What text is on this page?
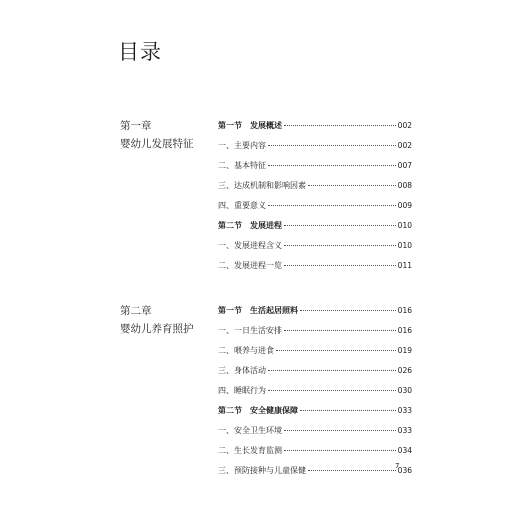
目录
第一章
婴幼儿发展特征
第一节　发展概述	002
一、主要内容	002
二、基本特征	007
三、达成机制和影响因素	008
四、重要意义	009
第二节　发展进程	010
一、发展进程含义	010
二、发展进程一览	011
第二章
婴幼儿养育照护
第一节　生活起居照料	016
一、一日生活安排	016
二、喂养与进食	019
三、身体活动	026
四、睡眠行为	030
第二节　安全健康保障	033
一、安全卫生环境	033
二、生长发育监测	034
三、预防接种与儿童保健	036
7
